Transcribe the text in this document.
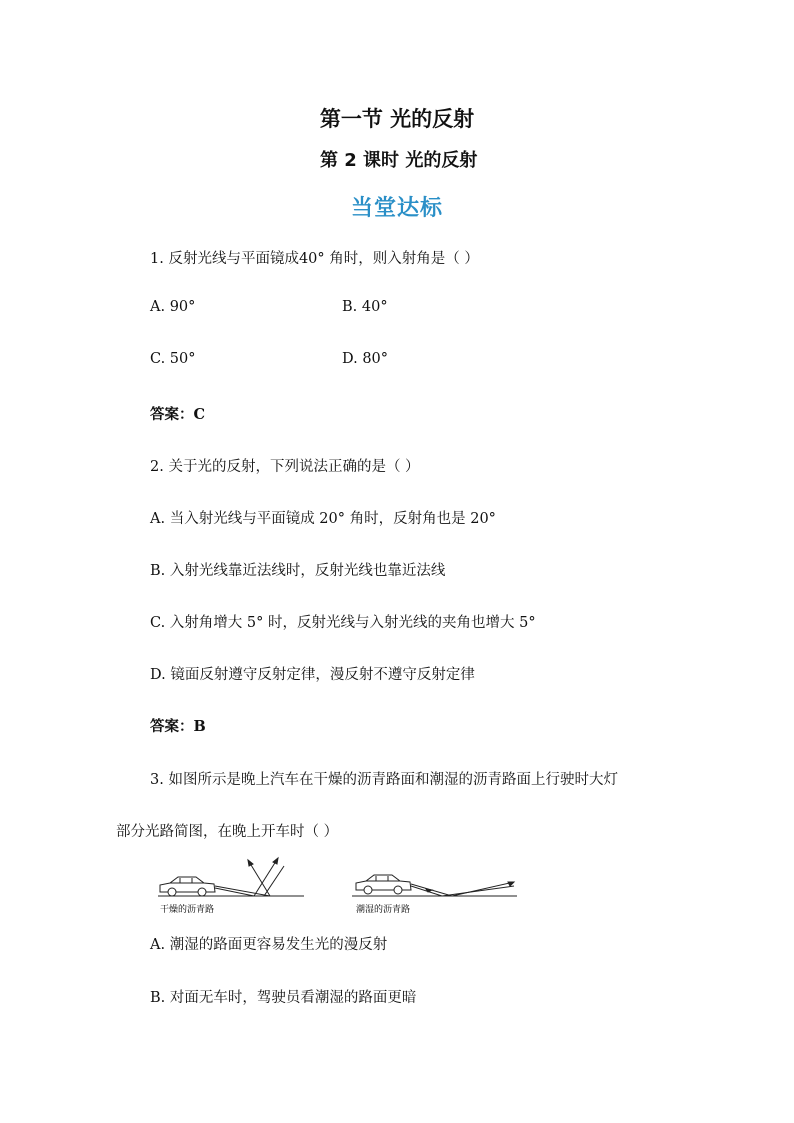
第一节 光的反射
第 2 课时 光的反射
当堂达标
1. 反射光线与平面镜成40° 角时，则入射角是（ ）
A. 90°	B. 40°
C. 50°	D. 80°
答案：C
2. 关于光的反射，下列说法正确的是（ ）
A. 当入射光线与平面镜成 20° 角时，反射角也是 20°
B. 入射光线靠近法线时，反射光线也靠近法线
C. 入射角增大 5° 时，反射光线与入射光线的夹角也增大 5°
D. 镜面反射遵守反射定律，漫反射不遵守反射定律
答案：B
3. 如图所示是晚上汽车在干燥的沥青路面和潮湿的沥青路面上行驶时大灯
部分光路简图，在晚上开车时（ ）
干燥的沥青路	潮湿的沥青路
A. 潮湿的路面更容易发生光的漫反射
B. 对面无车时，驾驶员看潮湿的路面更暗
